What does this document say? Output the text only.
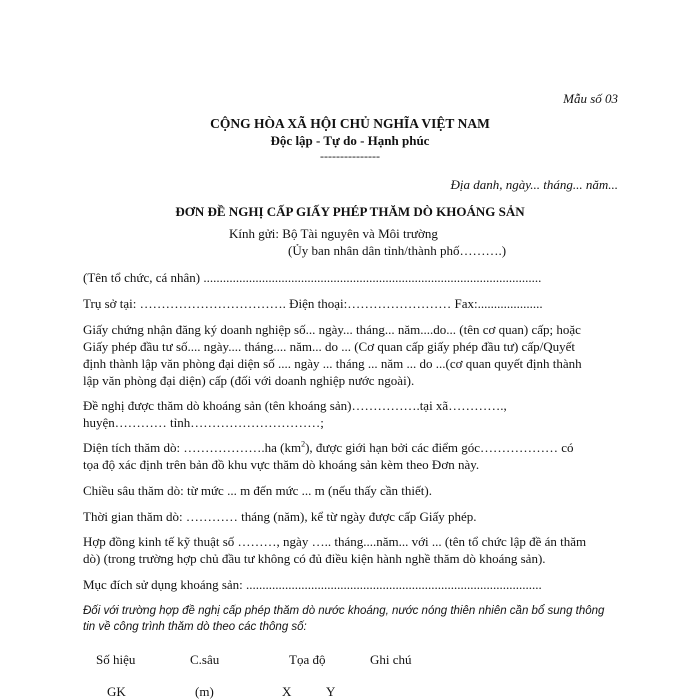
Mẫu số 03
CỘNG HÒA XÃ HỘI CHỦ NGHĨA VIỆT NAM
Độc lập - Tự do - Hạnh phúc
---------------
Địa danh, ngày... tháng... năm...
ĐƠN ĐỀ NGHỊ CẤP GIẤY PHÉP THĂM DÒ KHOÁNG SẢN
Kính gửi: Bộ Tài nguyên và Môi trường
(Ủy ban nhân dân tỉnh/thành phố……….)
(Tên tổ chức, cá nhân) ........................................................................................................
Trụ sở tại: ……………………………. Điện thoại:…………………… Fax:....................
Giấy chứng nhận đăng ký doanh nghiệp số... ngày... tháng... năm....do... (tên cơ quan) cấp; hoặc
Giấy phép đầu tư số.... ngày.... tháng.... năm... do ... (Cơ quan cấp giấy phép đầu tư) cấp/Quyết
định thành lập văn phòng đại diện số .... ngày ... tháng ... năm ... do ...(cơ quan quyết định thành
lập văn phòng đại diện) cấp (đối với doanh nghiệp nước ngoài).
Đề nghị được thăm dò khoáng sản (tên khoáng sản)…………….tại xã………….,
huyện………… tỉnh…………………………;
Diện tích thăm dò: ……………….ha $(km^2)$, được giới hạn bởi các điểm góc……………… có
tọa độ xác định trên bản đồ khu vực thăm dò khoáng sản kèm theo Đơn này.
Chiều sâu thăm dò: từ mức ... m đến mức ... m (nếu thấy cần thiết).
Thời gian thăm dò: ………… tháng (năm), kể từ ngày được cấp Giấy phép.
Hợp đồng kinh tế kỹ thuật số ………, ngày ….. tháng....năm... với ... (tên tổ chức lập đề án thăm
dò) (trong trường hợp chủ đầu tư không có đủ điều kiện hành nghề thăm dò khoáng sản).
Mục đích sử dụng khoáng sản: ...........................................................................................
Đối với trường hợp đề nghị cấp phép thăm dò nước khoáng, nước nóng thiên nhiên cần bổ sung thông
tin về công trình thăm dò theo các thông số:
Số hiệu	C.sâu	Tọa độ	Ghi chú
GK	(m)	X	Y
